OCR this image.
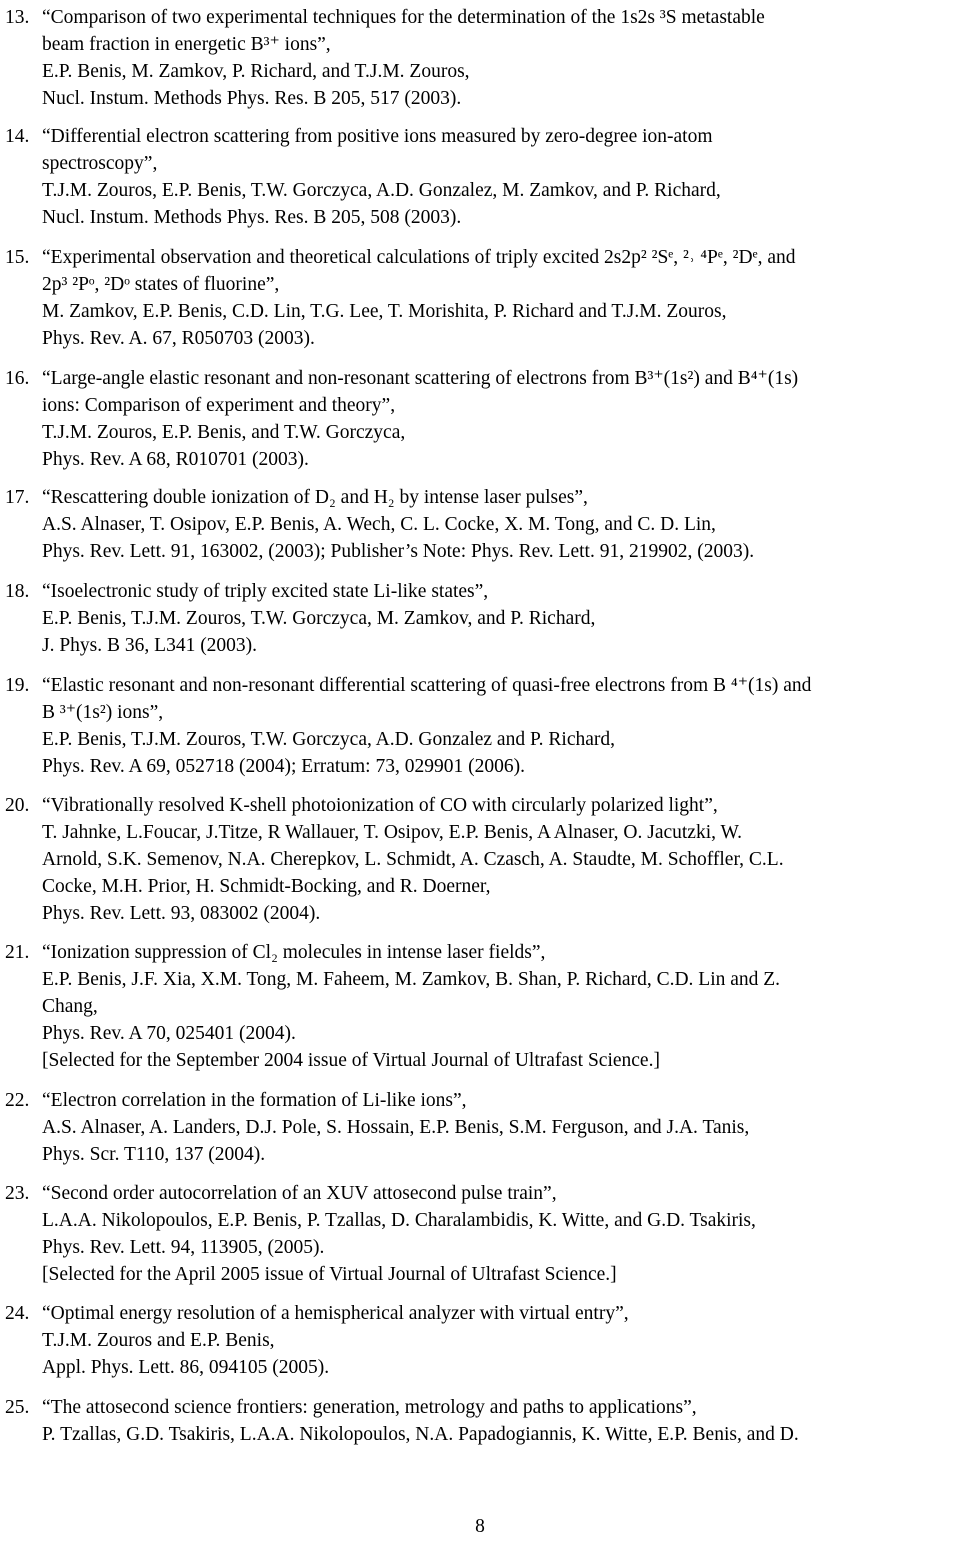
13. “Comparison of two experimental techniques for the determination of the 1s2s ³S metastable
beam fraction in energetic B³⁺ ions”,
E.P. Benis, M. Zamkov, P. Richard, and T.J.M. Zouros,
Nucl. Instum. Methods Phys. Res. B 205, 517 (2003).
14. “Differential electron scattering from positive ions measured by zero-degree ion-atom
spectroscopy”,
T.J.M. Zouros, E.P. Benis, T.W. Gorczyca, A.D. Gonzalez, M. Zamkov, and P. Richard,
Nucl. Instum. Methods Phys. Res. B 205, 508 (2003).
15. “Experimental observation and theoretical calculations of triply excited 2s2p² ²Sᵉ, ²˒ ⁴Pᵉ, ²Dᵉ, and
2p³ ²Pᵒ, ²Dᵒ states of fluorine”,
M. Zamkov, E.P. Benis, C.D. Lin, T.G. Lee, T. Morishita, P. Richard and T.J.M. Zouros,
Phys. Rev. A. 67, R050703 (2003).
16. “Large-angle elastic resonant and non-resonant scattering of electrons from B³⁺(1s²) and B⁴⁺(1s)
ions: Comparison of experiment and theory”,
T.J.M. Zouros, E.P. Benis, and T.W. Gorczyca,
Phys. Rev. A 68, R010701 (2003).
17. “Rescattering double ionization of D₂ and H₂ by intense laser pulses”,
A.S. Alnaser, T. Osipov, E.P. Benis, A. Wech, C. L. Cocke, X. M. Tong, and C. D. Lin,
Phys. Rev. Lett. 91, 163002, (2003); Publisher’s Note: Phys. Rev. Lett. 91, 219902, (2003).
18. “Isoelectronic study of triply excited state Li-like states”,
E.P. Benis, T.J.M. Zouros, T.W. Gorczyca, M. Zamkov, and P. Richard,
J. Phys. B 36, L341 (2003).
19. “Elastic resonant and non-resonant differential scattering of quasi-free electrons from B ⁴⁺(1s) and
B ³⁺(1s²) ions”,
E.P. Benis, T.J.M. Zouros, T.W. Gorczyca, A.D. Gonzalez and P. Richard,
Phys. Rev. A 69, 052718 (2004); Erratum: 73, 029901 (2006).
20. “Vibrationally resolved K-shell photoionization of CO with circularly polarized light”,
T. Jahnke, L.Foucar, J.Titze, R Wallauer, T. Osipov, E.P. Benis, A Alnaser, O. Jacutzki, W.
Arnold, S.K. Semenov, N.A. Cherepkov, L. Schmidt, A. Czasch, A. Staudte, M. Schoffler, C.L.
Cocke, M.H. Prior, H. Schmidt-Bocking, and R. Doerner,
Phys. Rev. Lett. 93, 083002 (2004).
21. “Ionization suppression of Cl₂ molecules in intense laser fields”,
E.P. Benis, J.F. Xia, X.M. Tong, M. Faheem, M. Zamkov, B. Shan, P. Richard, C.D. Lin and Z.
Chang,
Phys. Rev. A 70, 025401 (2004).
[Selected for the September 2004 issue of Virtual Journal of Ultrafast Science.]
22. “Electron correlation in the formation of Li-like ions”,
A.S. Alnaser, A. Landers, D.J. Pole, S. Hossain, E.P. Benis, S.M. Ferguson, and J.A. Tanis,
Phys. Scr. T110, 137 (2004).
23. “Second order autocorrelation of an XUV attosecond pulse train”,
L.A.A. Nikolopoulos, E.P. Benis, P. Tzallas, D. Charalambidis, K. Witte, and G.D. Tsakiris,
Phys. Rev. Lett. 94, 113905, (2005).
[Selected for the April 2005 issue of Virtual Journal of Ultrafast Science.]
24. “Optimal energy resolution of a hemispherical analyzer with virtual entry”,
T.J.M. Zouros and E.P. Benis,
Appl. Phys. Lett. 86, 094105 (2005).
25. “The attosecond science frontiers: generation, metrology and paths to applications”,
P. Tzallas, G.D. Tsakiris, L.A.A. Nikolopoulos, N.A. Papadogiannis, K. Witte, E.P. Benis, and D.
8
